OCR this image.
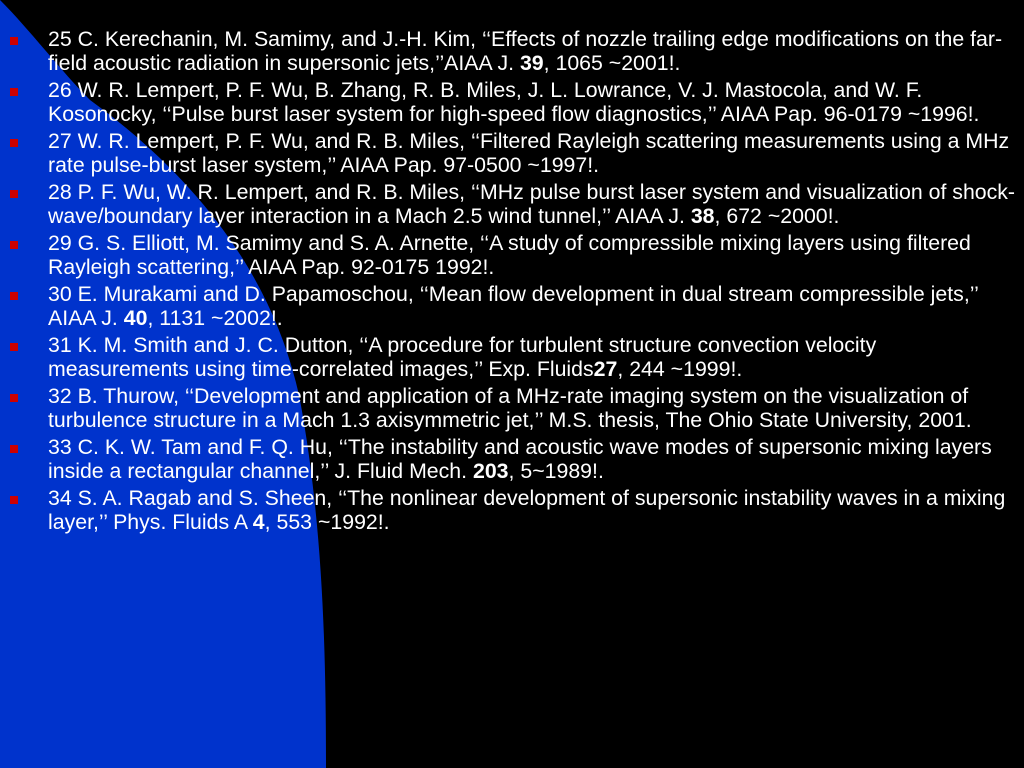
25 C. Kerechanin, M. Samimy, and J.-H. Kim, ‘‘Effects of nozzle trailing edge modifications on the far-field acoustic radiation in supersonic jets,’’AIAA J. 39, 1065 ~2001!.
26 W. R. Lempert, P. F. Wu, B. Zhang, R. B. Miles, J. L. Lowrance, V. J. Mastocola, and W. F. Kosonocky, ‘‘Pulse burst laser system for high-speed flow diagnostics,’’ AIAA Pap. 96-0179 ~1996!.
27 W. R. Lempert, P. F. Wu, and R. B. Miles, ‘‘Filtered Rayleigh scattering measurements using a MHz rate pulse-burst laser system,’’ AIAA Pap. 97-0500 ~1997!.
28 P. F. Wu, W. R. Lempert, and R. B. Miles, ‘‘MHz pulse burst laser system and visualization of shock-wave/boundary layer interaction in a Mach 2.5 wind tunnel,’’ AIAA J. 38, 672 ~2000!.
29 G. S. Elliott, M. Samimy and S. A. Arnette, ‘‘A study of compressible mixing layers using filtered Rayleigh scattering,’’ AIAA Pap. 92-0175 1992!.
30 E. Murakami and D. Papamoschou, ‘‘Mean flow development in dual stream compressible jets,’’ AIAA J. 40, 1131 ~2002!.
31 K. M. Smith and J. C. Dutton, ‘‘A procedure for turbulent structure convection velocity measurements using time-correlated images,’’ Exp. Fluids27, 244 ~1999!.
32 B. Thurow, ‘‘Development and application of a MHz-rate imaging system on the visualization of turbulence structure in a Mach 1.3 axisymmetric jet,’’ M.S. thesis, The Ohio State University, 2001.
33 C. K. W. Tam and F. Q. Hu, ‘‘The instability and acoustic wave modes of supersonic mixing layers inside a rectangular channel,’’ J. Fluid Mech. 203, 5~1989!.
34 S. A. Ragab and S. Sheen, ‘‘The nonlinear development of supersonic instability waves in a mixing layer,’’ Phys. Fluids A 4, 553 ~1992!.
